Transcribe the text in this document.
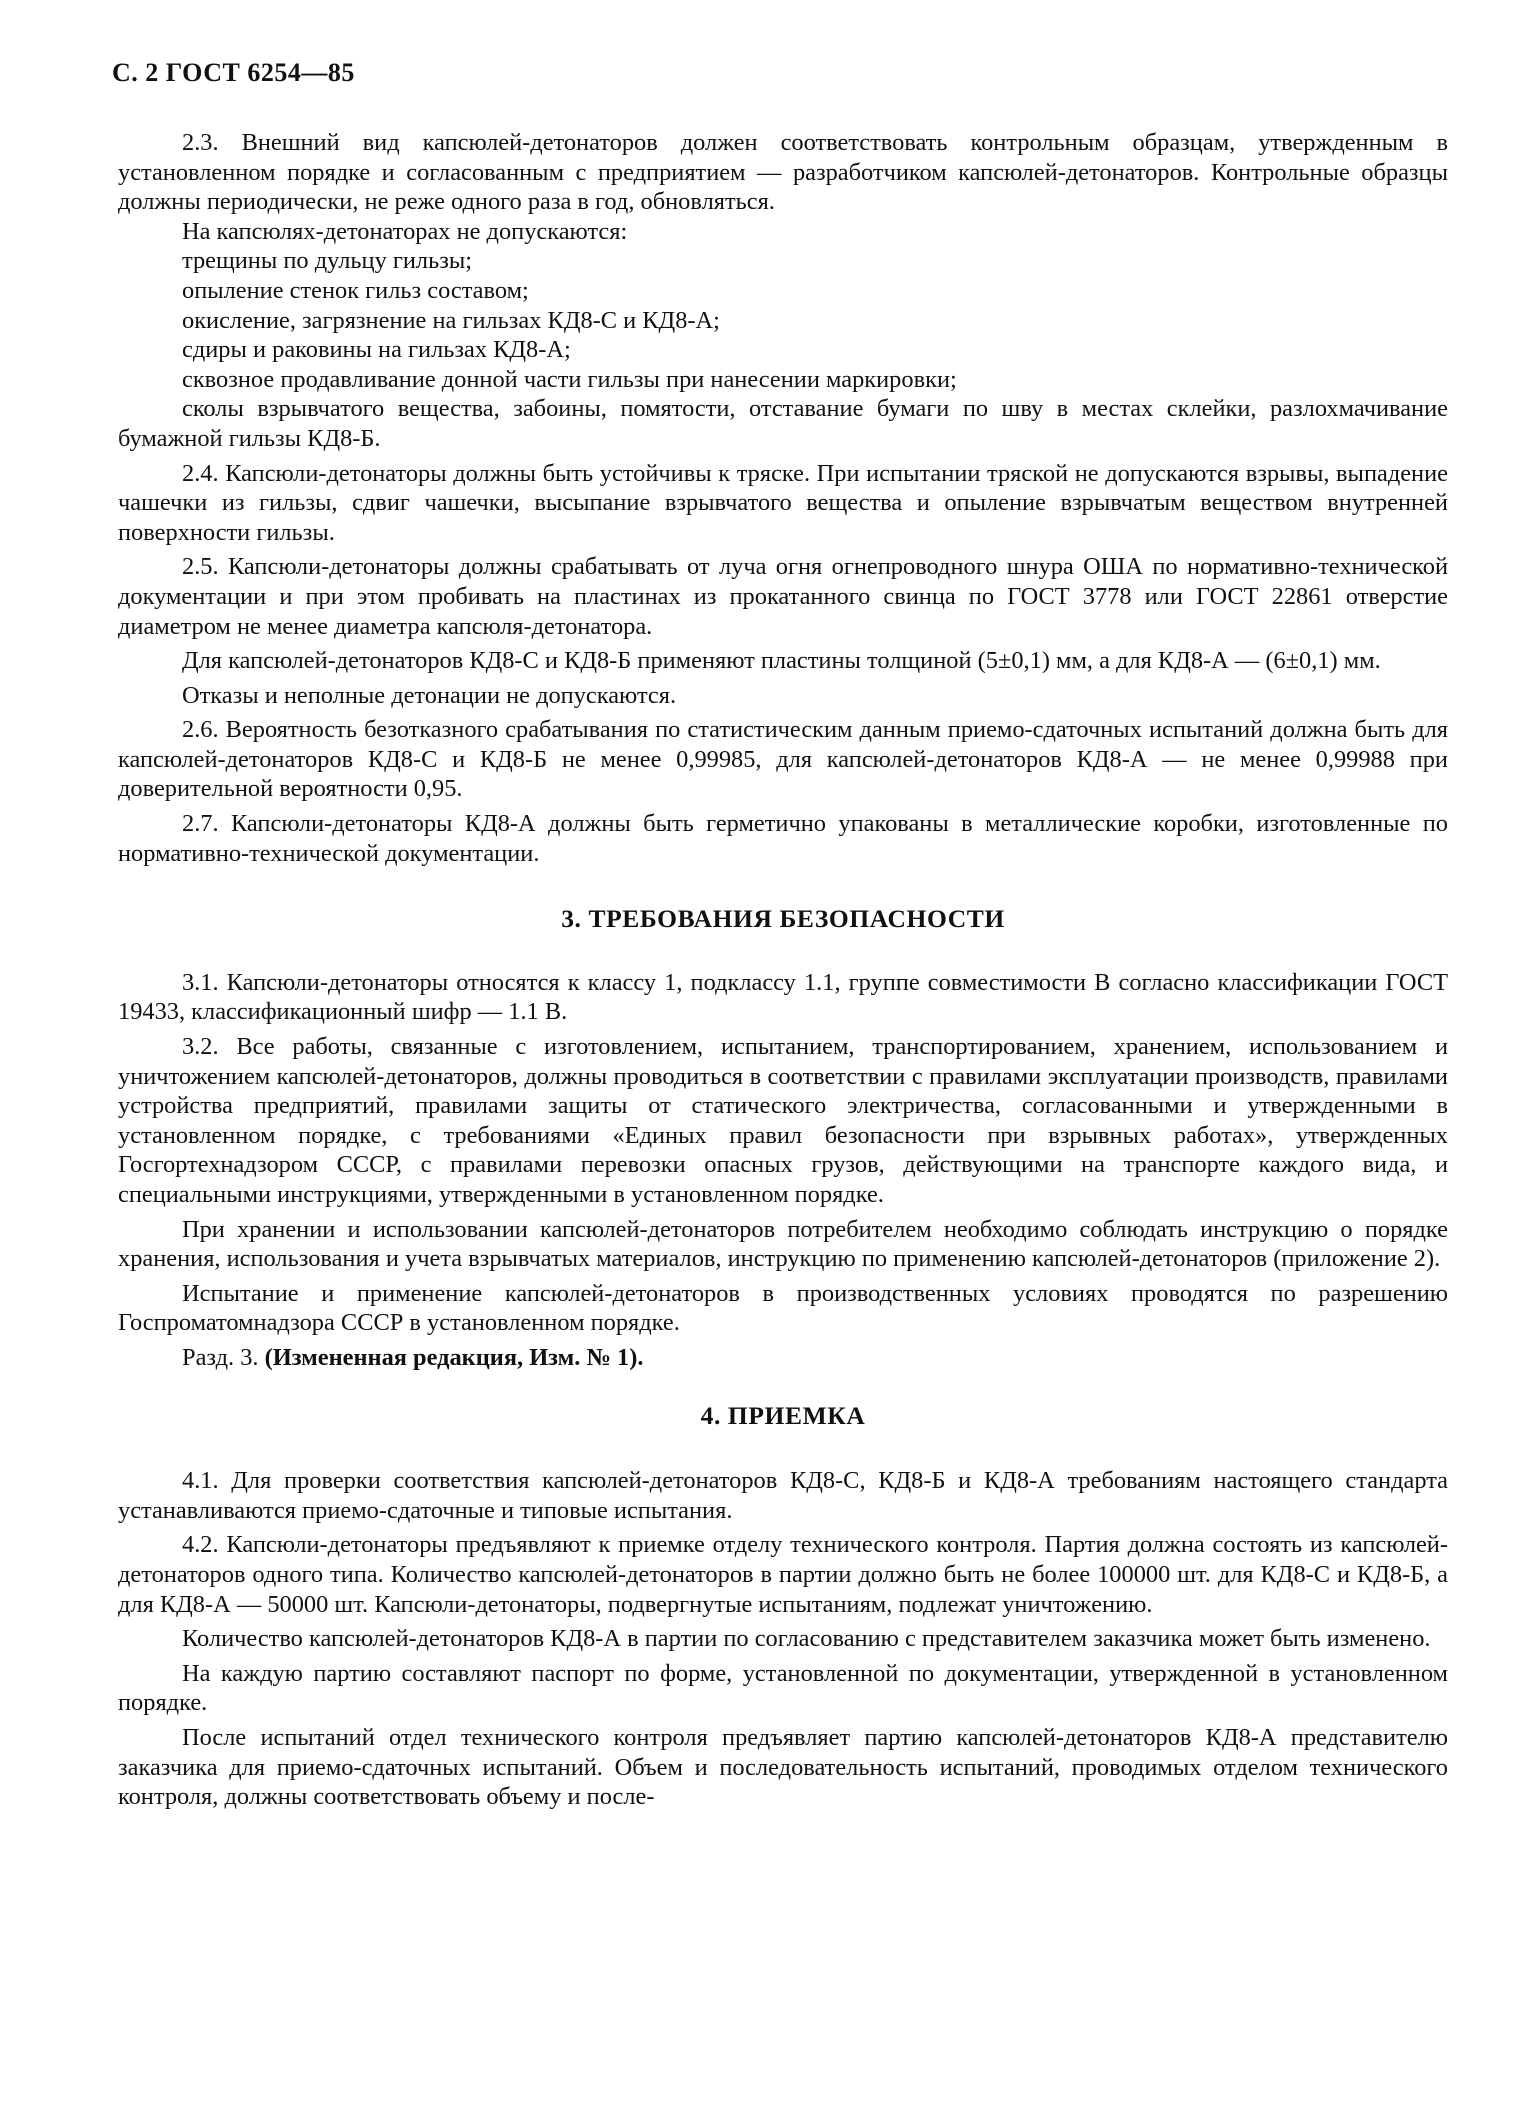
С. 2 ГОСТ 6254—85

2.3. Внешний вид капсюлей-детонаторов должен соответствовать контрольным образцам, утвержденным в установленном порядке и согласованным с предприятием — разработчиком капсюлей-детонаторов. Контрольные образцы должны периодически, не реже одного раза в год, обновляться.

На капсюлях-детонаторах не допускаются:

трещины по дульцу гильзы;

опыление стенок гильз составом;

окисление, загрязнение на гильзах КД8-С и КД8-А;

сдиры и раковины на гильзах КД8-А;

сквозное продавливание донной части гильзы при нанесении маркировки;

сколы взрывчатого вещества, забоины, помятости, отставание бумаги по шву в местах склейки, разлохмачивание бумажной гильзы КД8-Б.

2.4. Капсюли-детонаторы должны быть устойчивы к тряске. При испытании тряской не допускаются взрывы, выпадение чашечки из гильзы, сдвиг чашечки, высыпание взрывчатого вещества и опыление взрывчатым веществом внутренней поверхности гильзы.

2.5. Капсюли-детонаторы должны срабатывать от луча огня огнепроводного шнура ОША по нормативно-технической документации и при этом пробивать на пластинах из прокатанного свинца по ГОСТ 3778 или ГОСТ 22861 отверстие диаметром не менее диаметра капсюля-детонатора.

Для капсюлей-детонаторов КД8-С и КД8-Б применяют пластины толщиной (5±0,1) мм, а для КД8-А — (6±0,1) мм.

Отказы и неполные детонации не допускаются.

2.6. Вероятность безотказного срабатывания по статистическим данным приемо-сдаточных испытаний должна быть для капсюлей-детонаторов КД8-С и КД8-Б не менее 0,99985, для капсюлей-детонаторов КД8-А — не менее 0,99988 при доверительной вероятности 0,95.

2.7. Капсюли-детонаторы КД8-А должны быть герметично упакованы в металлические коробки, изготовленные по нормативно-технической документации.

3. ТРЕБОВАНИЯ БЕЗОПАСНОСТИ

3.1. Капсюли-детонаторы относятся к классу 1, подклассу 1.1, группе совместимости B согласно классификации ГОСТ 19433, классификационный шифр — 1.1 B.

3.2. Все работы, связанные с изготовлением, испытанием, транспортированием, хранением, использованием и уничтожением капсюлей-детонаторов, должны проводиться в соответствии с правилами эксплуатации производств, правилами устройства предприятий, правилами защиты от статического электричества, согласованными и утвержденными в установленном порядке, с требованиями «Единых правил безопасности при взрывных работах», утвержденных Госгортехнадзором СССР, с правилами перевозки опасных грузов, действующими на транспорте каждого вида, и специальными инструкциями, утвержденными в установленном порядке.

При хранении и использовании капсюлей-детонаторов потребителем необходимо соблюдать инструкцию о порядке хранения, использования и учета взрывчатых материалов, инструкцию по применению капсюлей-детонаторов (приложение 2).

Испытание и применение капсюлей-детонаторов в производственных условиях проводятся по разрешению Госпроматомнадзора СССР в установленном порядке.

Разд. 3. (Измененная редакция, Изм. № 1).

4. ПРИЕМКА

4.1. Для проверки соответствия капсюлей-детонаторов КД8-С, КД8-Б и КД8-А требованиям настоящего стандарта устанавливаются приемо-сдаточные и типовые испытания.

4.2. Капсюли-детонаторы предъявляют к приемке отделу технического контроля. Партия должна состоять из капсюлей-детонаторов одного типа. Количество капсюлей-детонаторов в партии должно быть не более 100000 шт. для КД8-С и КД8-Б, а для КД8-А — 50000 шт. Капсюли-детонаторы, подвергнутые испытаниям, подлежат уничтожению.

Количество капсюлей-детонаторов КД8-А в партии по согласованию с представителем заказчика может быть изменено.

На каждую партию составляют паспорт по форме, установленной по документации, утвержденной в установленном порядке.

После испытаний отдел технического контроля предъявляет партию капсюлей-детонаторов КД8-А представителю заказчика для приемо-сдаточных испытаний. Объем и последовательность испытаний, проводимых отделом технического контроля, должны соответствовать объему и после-
